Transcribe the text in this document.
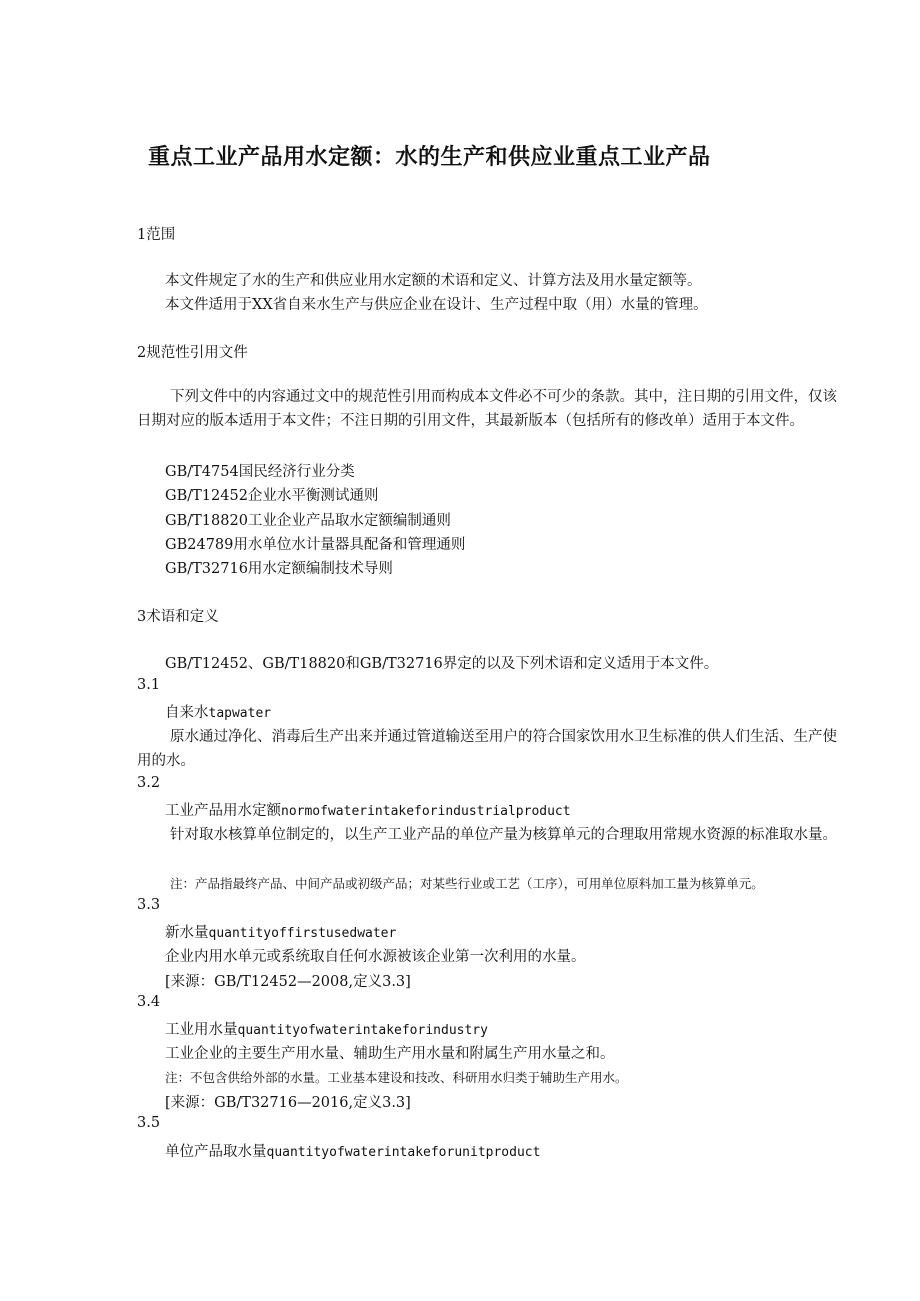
重点工业产品用水定额：水的生产和供应业重点工业产品
1范围
本文件规定了水的生产和供应业用水定额的术语和定义、计算方法及用水量定额等。
本文件适用于XX省自来水生产与供应企业在设计、生产过程中取（用）水量的管理。
2规范性引用文件
下列文件中的内容通过文中的规范性引用而构成本文件必不可少的条款。其中，注日期的引用文件，仅该日期对应的版本适用于本文件；不注日期的引用文件，其最新版本（包括所有的修改单）适用于本文件。
GB/T4754国民经济行业分类
GB/T12452企业水平衡测试通则
GB/T18820工业企业产品取水定额编制通则
GB24789用水单位水计量器具配备和管理通则
GB/T32716用水定额编制技术导则
3术语和定义
GB/T12452、GB/T18820和GB/T32716界定的以及下列术语和定义适用于本文件。
3.1
自来水tapwater
原水通过净化、消毒后生产出来并通过管道输送至用户的符合国家饮用水卫生标准的供人们生活、生产使用的水。
3.2
工业产品用水定额normofwaterintakeforindustrialproduct
针对取水核算单位制定的，以生产工业产品的单位产量为核算单元的合理取用常规水资源的标准取水量。
注：产品指最终产品、中间产品或初级产品；对某些行业或工艺（工序），可用单位原料加工量为核算单元。
3.3
新水量quantityoffirstusedwater
企业内用水单元或系统取自任何水源被该企业第一次利用的水量。
[来源：GB/T12452—2008,定义3.3]
3.4
工业用水量quantityofwaterintakeforindustry
工业企业的主要生产用水量、辅助生产用水量和附属生产用水量之和。
注：不包含供给外部的水量。工业基本建设和技改、科研用水归类于辅助生产用水。
[来源：GB/T32716—2016,定义3.3]
3.5
单位产品取水量quantityofwaterintakeforunitproduct
